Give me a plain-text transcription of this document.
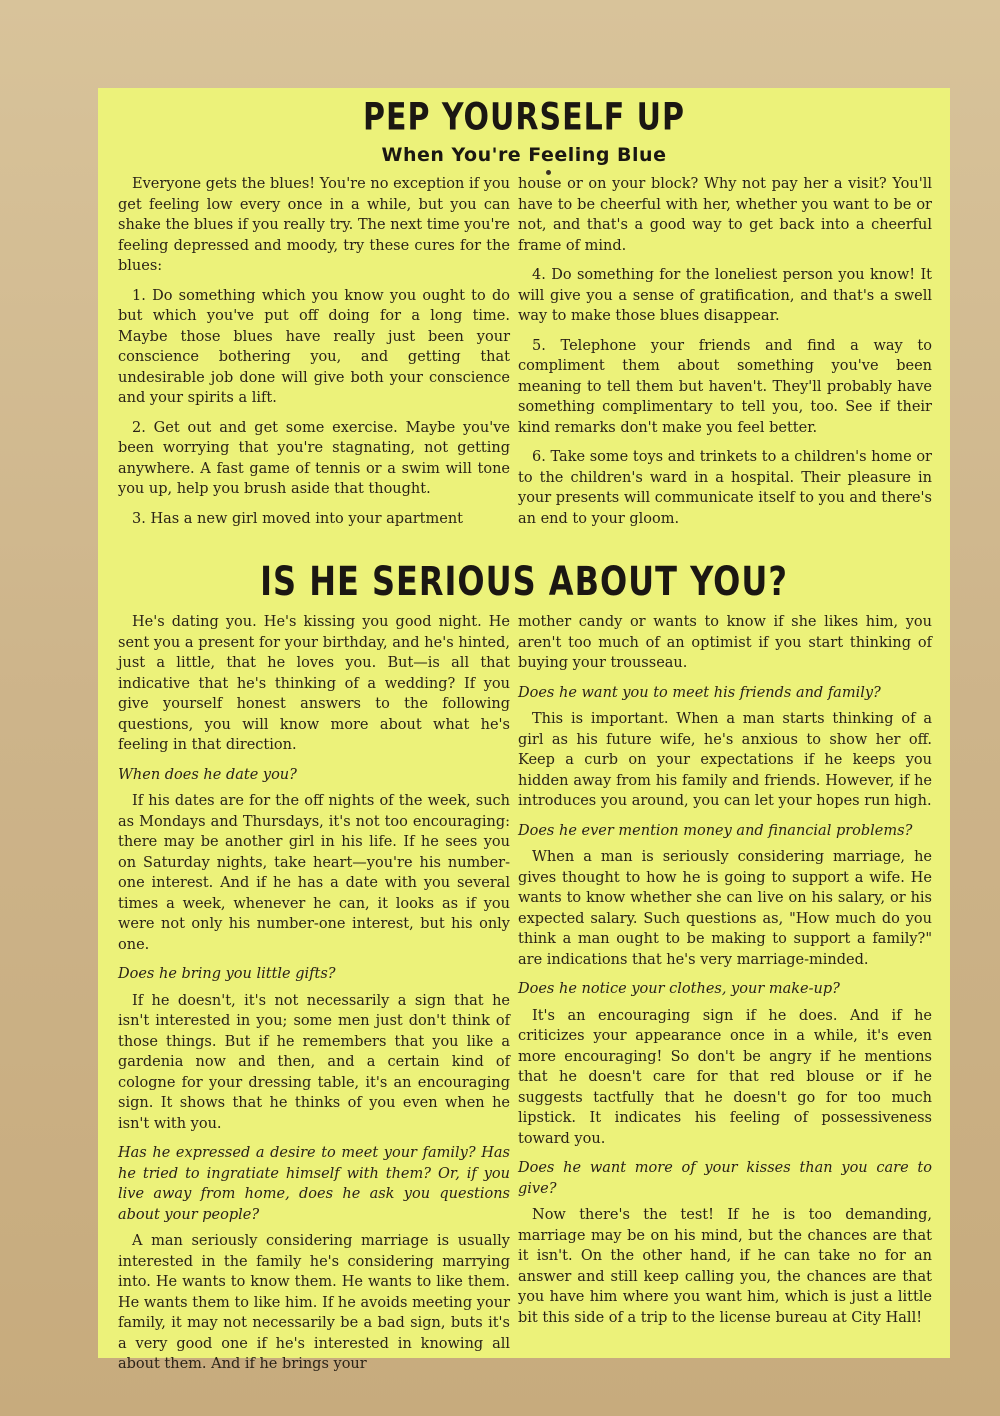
PEP YOURSELF UP
When You're Feeling Blue

Everyone gets the blues! You're no exception if you get feeling low every once in a while, but you can shake the blues if you really try. The next time you're feeling depressed and moody, try these cures for the blues:

1. Do something which you know you ought to do but which you've put off doing for a long time. Maybe those blues have really just been your conscience bothering you, and getting that undesirable job done will give both your conscience and your spirits a lift.

2. Get out and get some exercise. Maybe you've been worrying that you're stagnating, not getting anywhere. A fast game of tennis or a swim will tone you up, help you brush aside that thought.

3. Has a new girl moved into your apartment

house or on your block? Why not pay her a visit? You'll have to be cheerful with her, whether you want to be or not, and that's a good way to get back into a cheerful frame of mind.

4. Do something for the loneliest person you know! It will give you a sense of gratification, and that's a swell way to make those blues disappear.

5. Telephone your friends and find a way to compliment them about something you've been meaning to tell them but haven't. They'll probably have something complimentary to tell you, too. See if their kind remarks don't make you feel better.

6. Take some toys and trinkets to a children's home or to the children's ward in a hospital. Their pleasure in your presents will communicate itself to you and there's an end to your gloom.

IS HE SERIOUS ABOUT YOU?

He's dating you. He's kissing you good night. He sent you a present for your birthday, and he's hinted, just a little, that he loves you. But—is all that indicative that he's thinking of a wedding? If you give yourself honest answers to the following questions, you will know more about what he's feeling in that direction.

When does he date you?

If his dates are for the off nights of the week, such as Mondays and Thursdays, it's not too encouraging: there may be another girl in his life. If he sees you on Saturday nights, take heart—you're his number-one interest. And if he has a date with you several times a week, whenever he can, it looks as if you were not only his number-one interest, but his only one.

Does he bring you little gifts?

If he doesn't, it's not necessarily a sign that he isn't interested in you; some men just don't think of those things. But if he remembers that you like a gardenia now and then, and a certain kind of cologne for your dressing table, it's an encouraging sign. It shows that he thinks of you even when he isn't with you.

Has he expressed a desire to meet your family? Has he tried to ingratiate himself with them? Or, if you live away from home, does he ask you questions about your people?

A man seriously considering marriage is usually interested in the family he's considering marrying into. He wants to know them. He wants to like them. He wants them to like him. If he avoids meeting your family, it may not necessarily be a bad sign, buts it's a very good one if he's interested in knowing all about them. And if he brings your

mother candy or wants to know if she likes him, you aren't too much of an optimist if you start thinking of buying your trousseau.

Does he want you to meet his friends and family?

This is important. When a man starts thinking of a girl as his future wife, he's anxious to show her off. Keep a curb on your expectations if he keeps you hidden away from his family and friends. However, if he introduces you around, you can let your hopes run high.

Does he ever mention money and financial problems?

When a man is seriously considering marriage, he gives thought to how he is going to support a wife. He wants to know whether she can live on his salary, or his expected salary. Such questions as, "How much do you think a man ought to be making to support a family?" are indications that he's very marriage-minded.

Does he notice your clothes, your make-up?

It's an encouraging sign if he does. And if he criticizes your appearance once in a while, it's even more encouraging! So don't be angry if he mentions that he doesn't care for that red blouse or if he suggests tactfully that he doesn't go for too much lipstick. It indicates his feeling of possessiveness toward you.

Does he want more of your kisses than you care to give?

Now there's the test! If he is too demanding, marriage may be on his mind, but the chances are that it isn't. On the other hand, if he can take no for an answer and still keep calling you, the chances are that you have him where you want him, which is just a little bit this side of a trip to the license bureau at City Hall!
